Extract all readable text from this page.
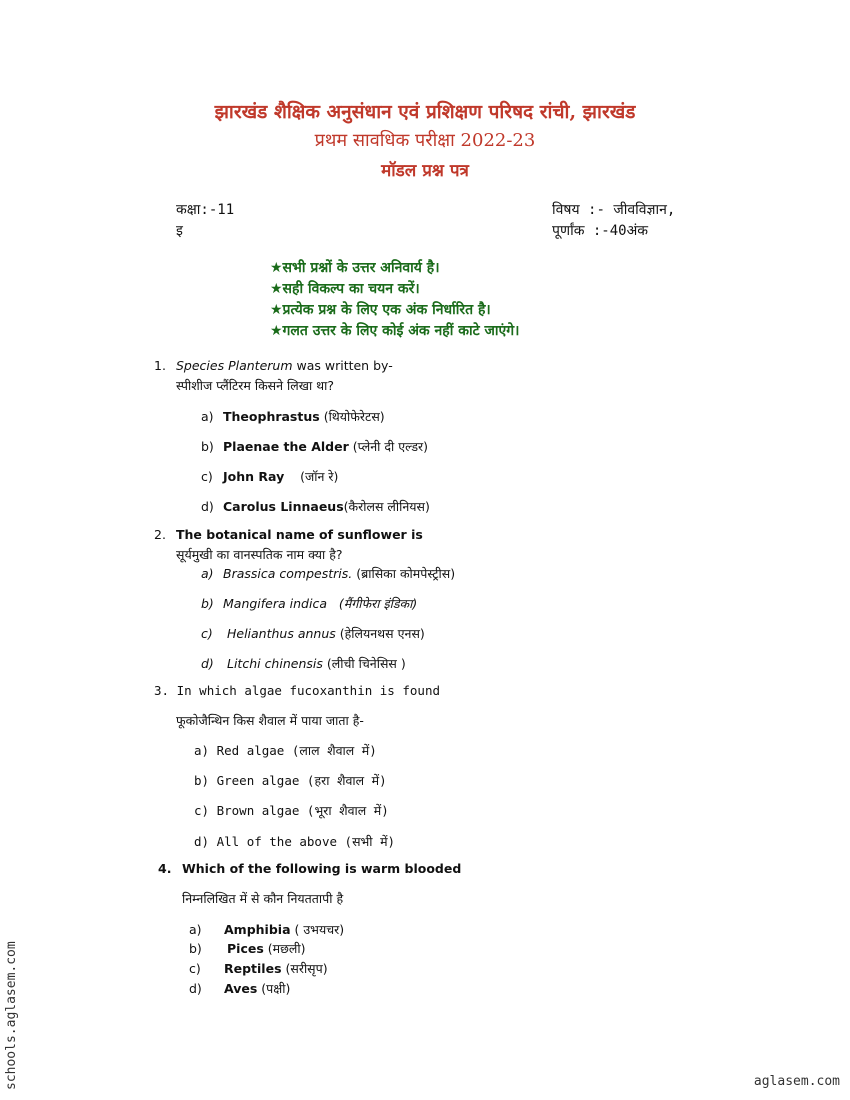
झारखंड शैक्षिक अनुसंधान एवं प्रशिक्षण परिषद रांची, झारखंड
प्रथम सावधिक परीक्षा 2022-23
मॉडल प्रश्न पत्र
कक्षा:-11
इ
विषय :- जीवविज्ञान,
पूर्णांक :-40अंक
★सभी प्रश्नों के उत्तर अनिवार्य है।
★सही विकल्प का चयन करें।
★प्रत्येक प्रश्न के लिए एक अंक निर्धारित है।
★गलत उत्तर के लिए कोई अंक नहीं काटे जाएंगे।
1. Species Planterum was written by-
स्पीशीज प्लैंटिरम किसने लिखा था?
a) Theophrastus (थियोफेरेटस)
b) Plaenae the Alder (प्लेनी दी एल्डर)
c) John Ray (जॉन रे)
d) Carolus Linnaeus(कैरोलस लीनियस)
2. The botanical name of sunflower is
सूर्यमुखी का वानस्पतिक नाम क्या है?
a) Brassica compestris. (ब्रासिका कोमपेस्ट्रीस)
b) Mangifera indica (मैंगीफेरा इंडिका)
c) Helianthus annus (हेलियनथस एनस)
d) Litchi chinensis (लीची चिनेसिस )
3. In which algae fucoxanthin is found
फूकोजैन्थिन किस शैवाल में पाया जाता है-
a) Red algae (लाल शैवाल में)
b) Green algae (हरा शैवाल में)
c) Brown algae (भूरा शैवाल में)
d) All of the above (सभी में)
4. Which of the following is warm blooded
निम्नलिखित में से कौन नियततापी है
a) Amphibia ( उभयचर)
b) Pices (मछली)
c) Reptiles (सरीसृप)
d) Aves (पक्षी)
schools.aglasem.com	aglasem.com
